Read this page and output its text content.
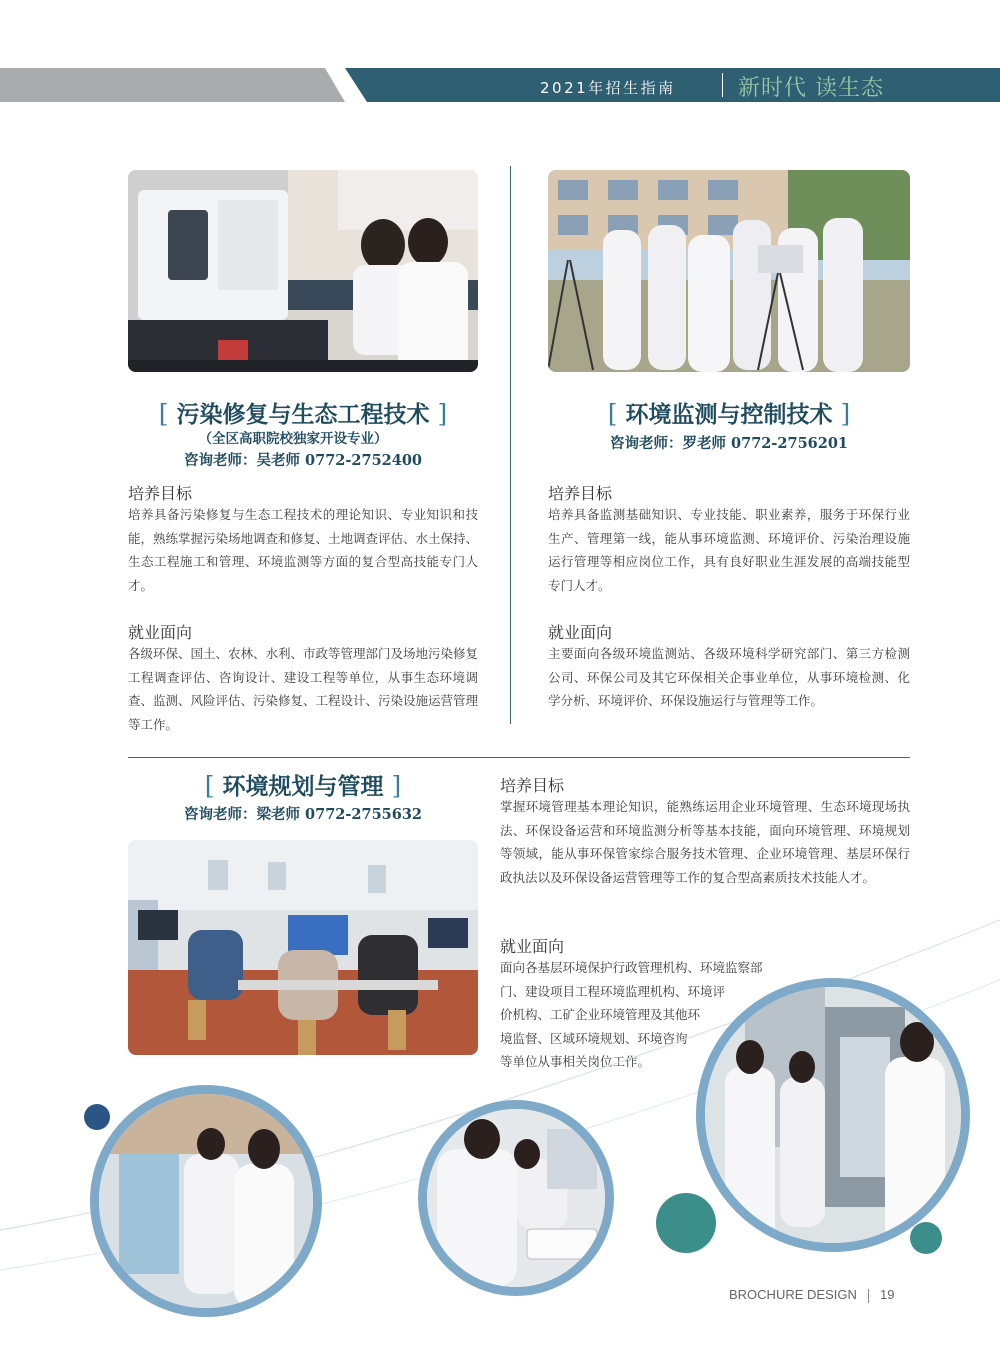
2021年招生指南	新时代 读生态
[ 污染修复与生态工程技术 ]
（全区高职院校独家开设专业）
咨询老师：吴老师 0772-2752400
培养目标
培养具备污染修复与生态工程技术的理论知识、专业知识和技能，熟练掌握污染场地调查和修复、土地调查评估、水土保持、生态工程施工和管理、环境监测等方面的复合型高技能专门人才。
就业面向
各级环保、国土、农林、水利、市政等管理部门及场地污染修复工程调查评估、咨询设计、建设工程等单位，从事生态环境调查、监测、风险评估、污染修复、工程设计、污染设施运营管理等工作。
[ 环境监测与控制技术 ]
咨询老师：罗老师 0772-2756201
培养目标
培养具备监测基础知识、专业技能、职业素养，服务于环保行业生产、管理第一线，能从事环境监测、环境评价、污染治理设施运行管理等相应岗位工作，具有良好职业生涯发展的高端技能型专门人才。
就业面向
主要面向各级环境监测站、各级环境科学研究部门、第三方检测公司、环保公司及其它环保相关企事业单位，从事环境检测、化学分析、环境评价、环保设施运行与管理等工作。
[ 环境规划与管理 ]
咨询老师：梁老师 0772-2755632
培养目标
掌握环境管理基本理论知识，能熟练运用企业环境管理、生态环境现场执法、环保设备运营和环境监测分析等基本技能，面向环境管理、环境规划等领域，能从事环保管家综合服务技术管理、企业环境管理、基层环保行政执法以及环保设备运营管理等工作的复合型高素质技术技能人才。
就业面向
面向各基层环境保护行政管理机构、环境监察部
门、建设项目工程环境监理机构、环境评
价机构、工矿企业环境管理及其他环
境监督、区域环境规划、环境咨询
等单位从事相关岗位工作。
BROCHURE DESIGN 19
